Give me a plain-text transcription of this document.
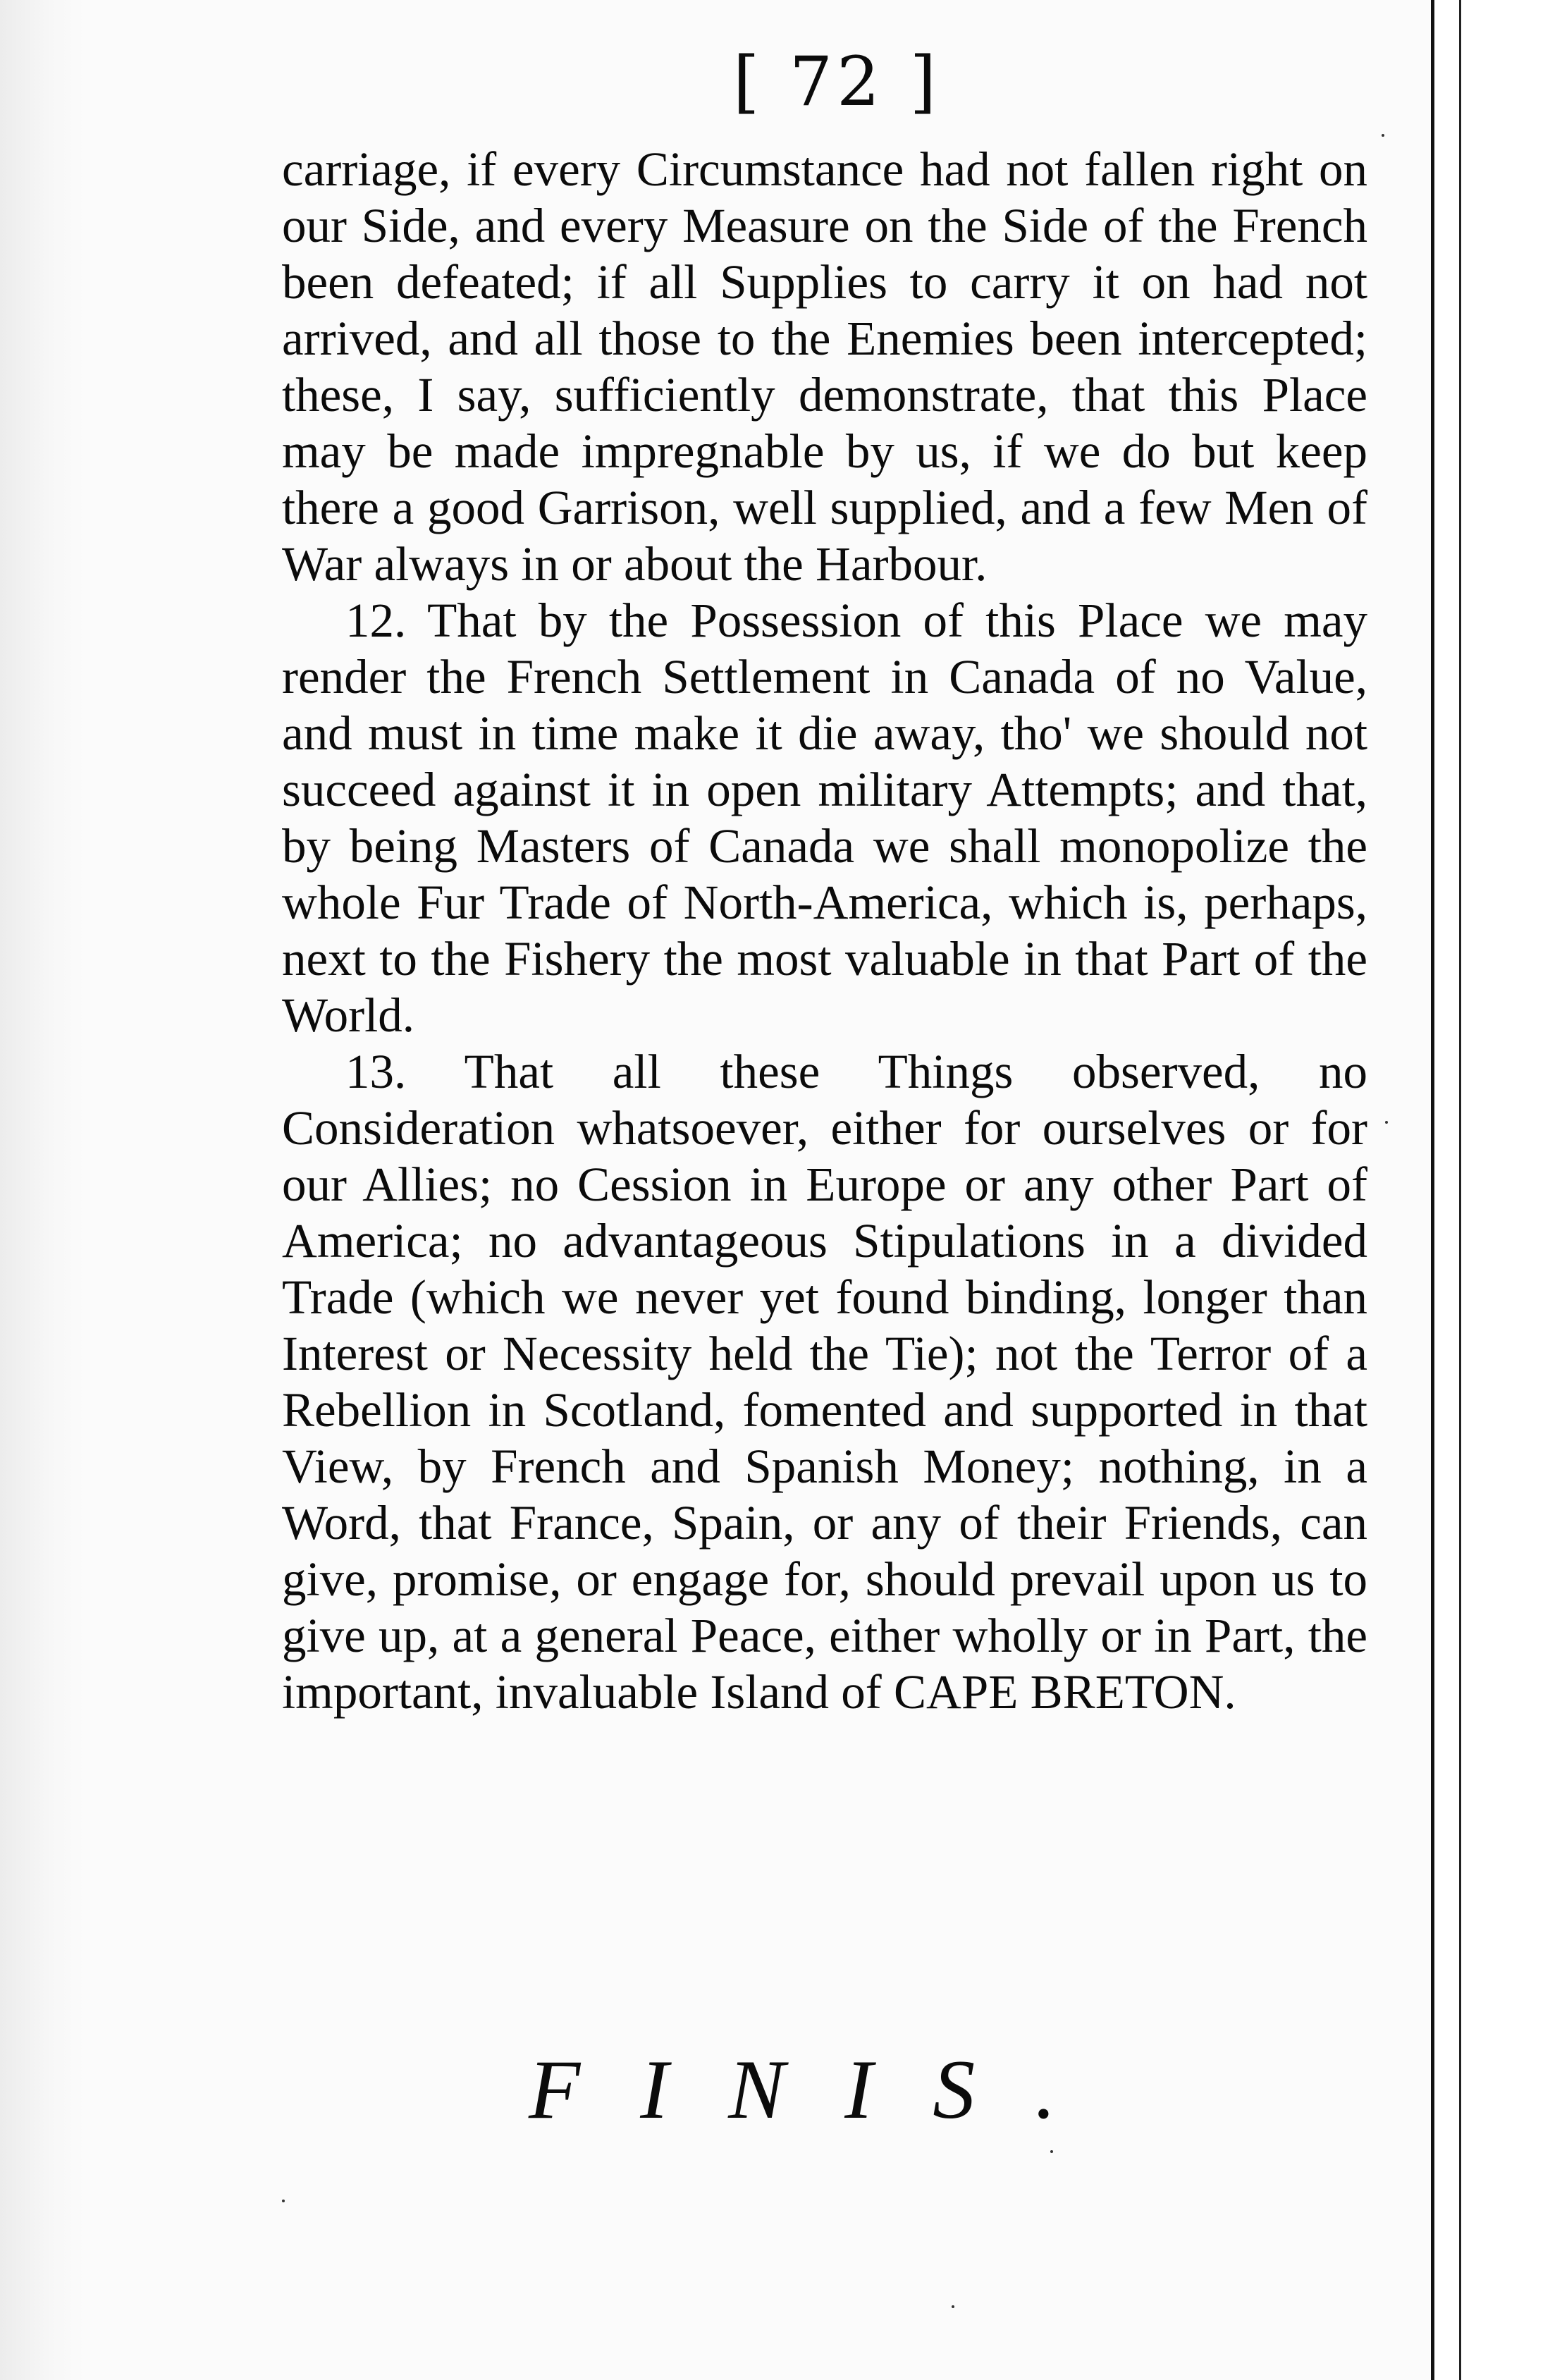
[ 72 ]

carriage, if every Circumstance had not fallen right on our Side, and every Measure on the Side of the French been defeated; if all Supplies to carry it on had not arrived, and all those to the Enemies been intercepted; these, I say, sufficiently demonstrate, that this Place may be made impregnable by us, if we do but keep there a good Garrison, well supplied, and a few Men of War always in or about the Harbour.

12. That by the Possession of this Place we may render the French Settlement in Canada of no Value, and must in time make it die away, tho' we should not succeed against it in open military Attempts; and that, by being Masters of Canada we shall monopolize the whole Fur Trade of North-America, which is, perhaps, next to the Fishery the most valuable in that Part of the World.

13. That all these Things observed, no Consideration whatsoever, either for ourselves or for our Allies; no Cession in Europe or any other Part of America; no advantageous Stipulations in a divided Trade (which we never yet found binding, longer than Interest or Necessity held the Tie); not the Terror of a Rebellion in Scotland, fomented and supported in that View, by French and Spanish Money; nothing, in a Word, that France, Spain, or any of their Friends, can give, promise, or engage for, should prevail upon us to give up, at a general Peace, either wholly or in Part, the important, invaluable Island of CAPE BRETON.

FINIS.
